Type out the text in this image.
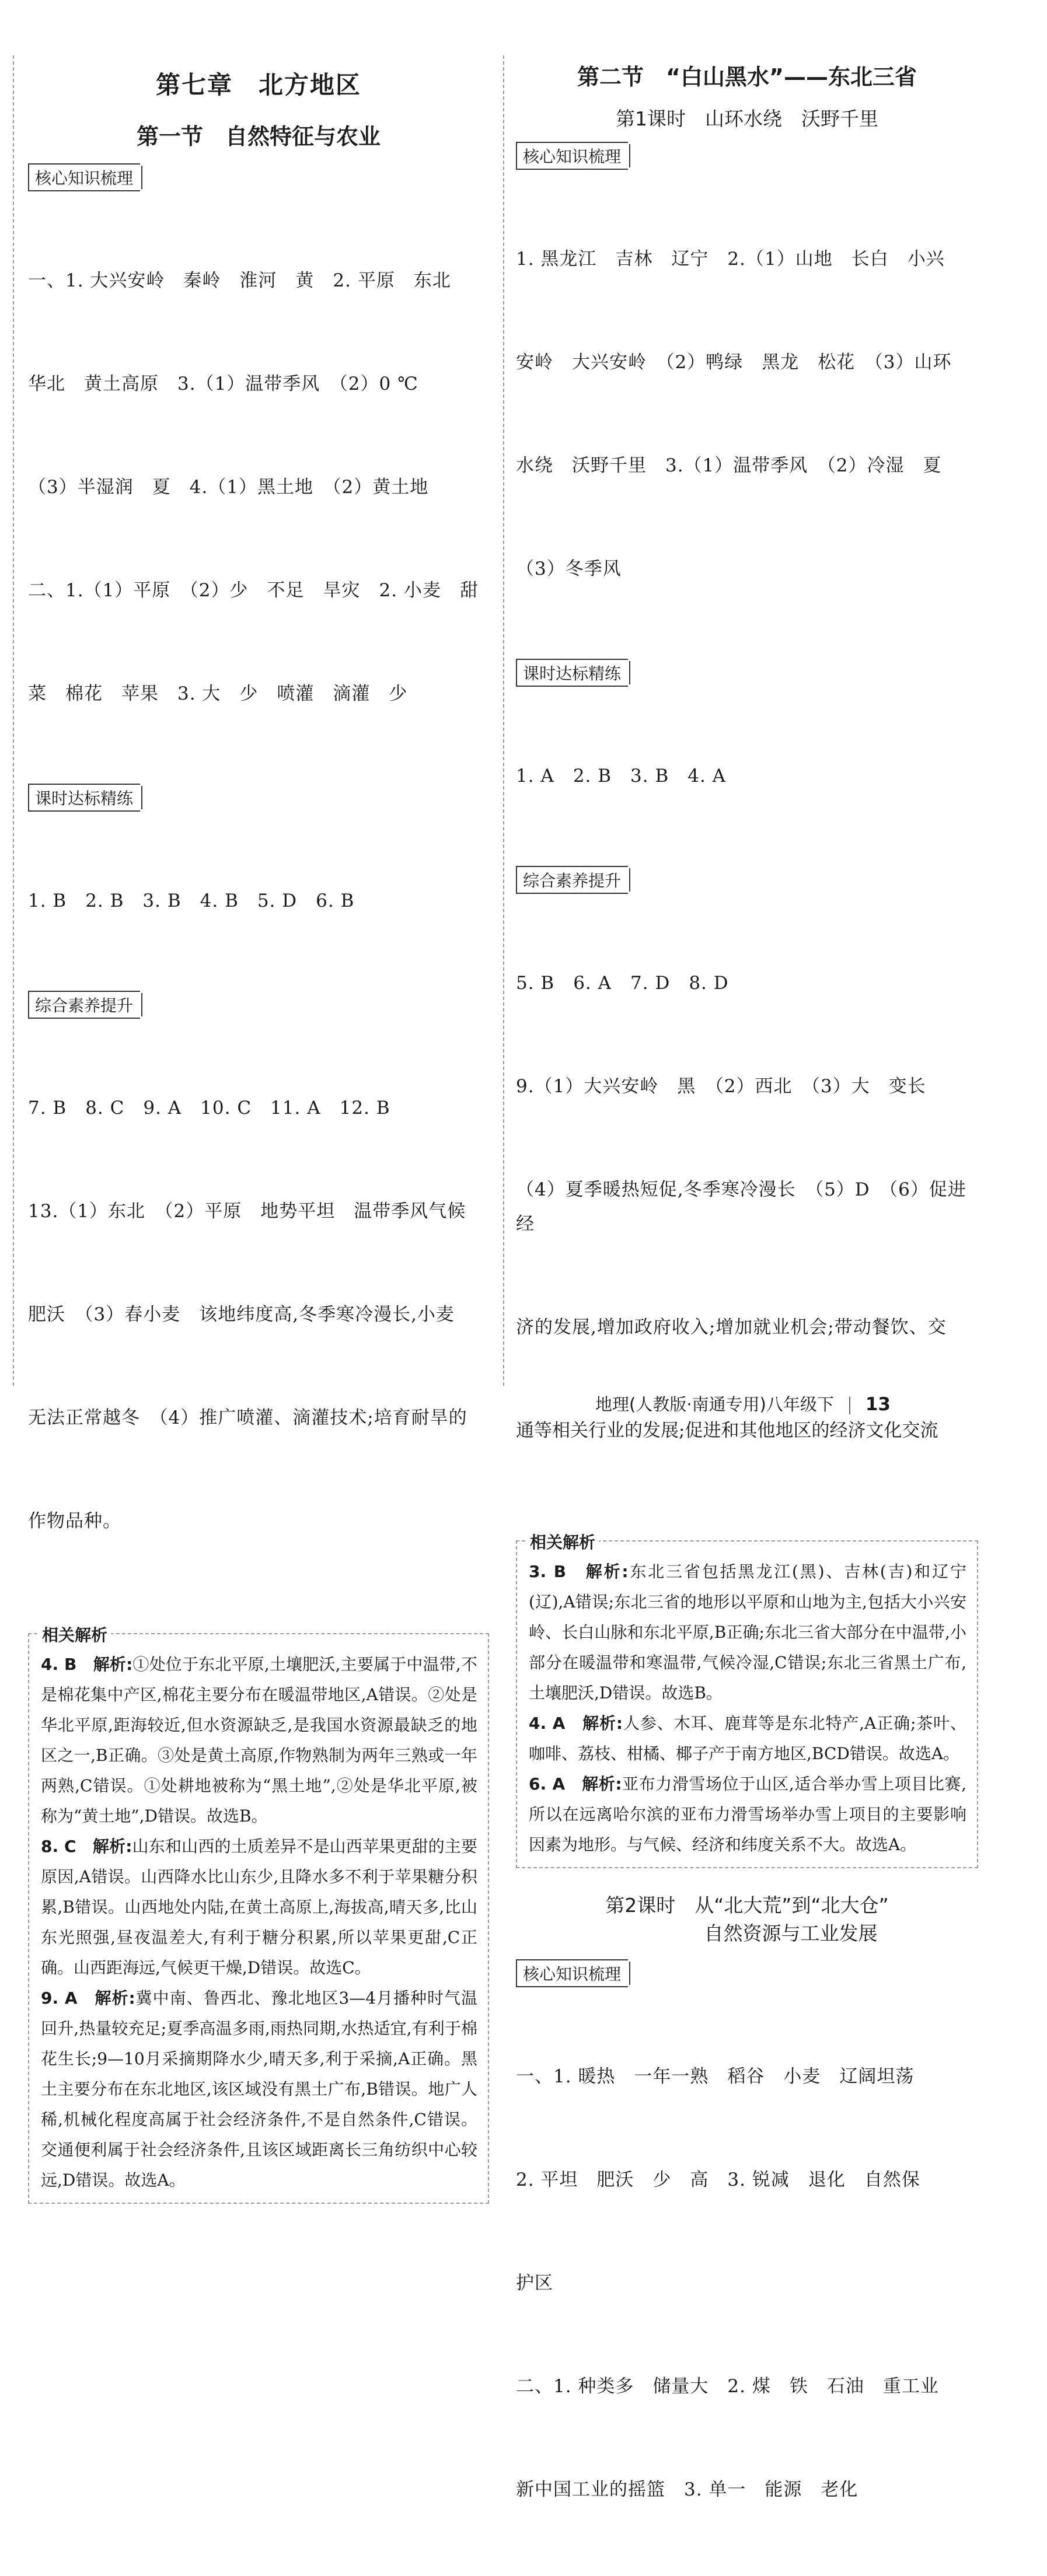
第七章　北方地区
第一节　自然特征与农业
核心知识梳理

一、1. 大兴安岭　秦岭　淮河　黄　2. 平原　东北

华北　黄土高原　3.（1）温带季风　（2）0 ℃

（3）半湿润　夏　4.（1）黑土地　（2）黄土地

二、1.（1）平原　（2）少　不足　旱灾　2. 小麦　甜

菜　棉花　苹果　3. 大　少　喷灌　滴灌　少

课时达标精练

1. B　2. B　3. B　4. B　5. D　6. B

综合素养提升

7. B　8. C　9. A　10. C　11. A　12. B

13.（1）东北　（2）平原　地势平坦　温带季风气候

肥沃　（3）春小麦　该地纬度高,冬季寒冷漫长,小麦

无法正常越冬　（4）推广喷灌、滴灌技术;培育耐旱的

作物品种。

相关解析

4. B　解析:①处位于东北平原,土壤肥沃,主要属于中温带,不是棉花集中产区,棉花主要分布在暖温带地区,A错误。②处是华北平原,距海较近,但水资源缺乏,是我国水资源最缺乏的地区之一,B正确。③处是黄土高原,作物熟制为两年三熟或一年两熟,C错误。①处耕地被称为“黑土地”,②处是华北平原,被称为“黄土地”,D错误。故选B。

8. C　解析:山东和山西的土质差异不是山西苹果更甜的主要原因,A错误。山西降水比山东少,且降水多不利于苹果糖分积累,B错误。山西地处内陆,在黄土高原上,海拔高,晴天多,比山东光照强,昼夜温差大,有利于糖分积累,所以苹果更甜,C正确。山西距海远,气候更干燥,D错误。故选C。

9. A　解析:冀中南、鲁西北、豫北地区3—4月播种时气温回升,热量较充足;夏季高温多雨,雨热同期,水热适宜,有利于棉花生长;9—10月采摘期降水少,晴天多,利于采摘,A正确。黑土主要分布在东北地区,该区域没有黑土广布,B错误。地广人稀,机械化程度高属于社会经济条件,不是自然条件,C错误。交通便利属于社会经济条件,且该区域距离长三角纺织中心较远,D错误。故选A。

第二节　“白山黑水”——东北三省
第1课时　山环水绕　沃野千里
核心知识梳理

1. 黑龙江　吉林　辽宁　2.（1）山地　长白　小兴

安岭　大兴安岭　（2）鸭绿　黑龙　松花　（3）山环

水绕　沃野千里　3.（1）温带季风　（2）冷湿　夏

（3）冬季风

课时达标精练

1. A　2. B　3. B　4. A

综合素养提升

5. B　6. A　7. D　8. D

9.（1）大兴安岭　黑　（2）西北　（3）大　变长

（4）夏季暖热短促,冬季寒冷漫长　（5）D　（6）促进经

济的发展,增加政府收入;增加就业机会;带动餐饮、交

通等相关行业的发展;促进和其他地区的经济文化交流

相关解析

3. B　解析:东北三省包括黑龙江(黑)、吉林(吉)和辽宁(辽),A错误;东北三省的地形以平原和山地为主,包括大小兴安岭、长白山脉和东北平原,B正确;东北三省大部分在中温带,小部分在暖温带和寒温带,气候冷湿,C错误;东北三省黑土广布,土壤肥沃,D错误。故选B。

4. A　解析:人参、木耳、鹿茸等是东北特产,A正确;茶叶、咖啡、荔枝、柑橘、椰子产于南方地区,BCD错误。故选A。

6. A　解析:亚布力滑雪场位于山区,适合举办雪上项目比赛,所以在远离哈尔滨的亚布力滑雪场举办雪上项目的主要影响因素为地形。与气候、经济和纬度关系不大。故选A。

第2课时　从“北大荒”到“北大仓”
自然资源与工业发展
核心知识梳理

一、1. 暖热　一年一熟　稻谷　小麦　辽阔坦荡

2. 平坦　肥沃　少　高　3. 锐减　退化　自然保

护区

二、1. 种类多　储量大　2. 煤　铁　石油　重工业

新中国工业的摇篮　3. 单一　能源　老化

地理(人教版·南通专用)八年级下 13
